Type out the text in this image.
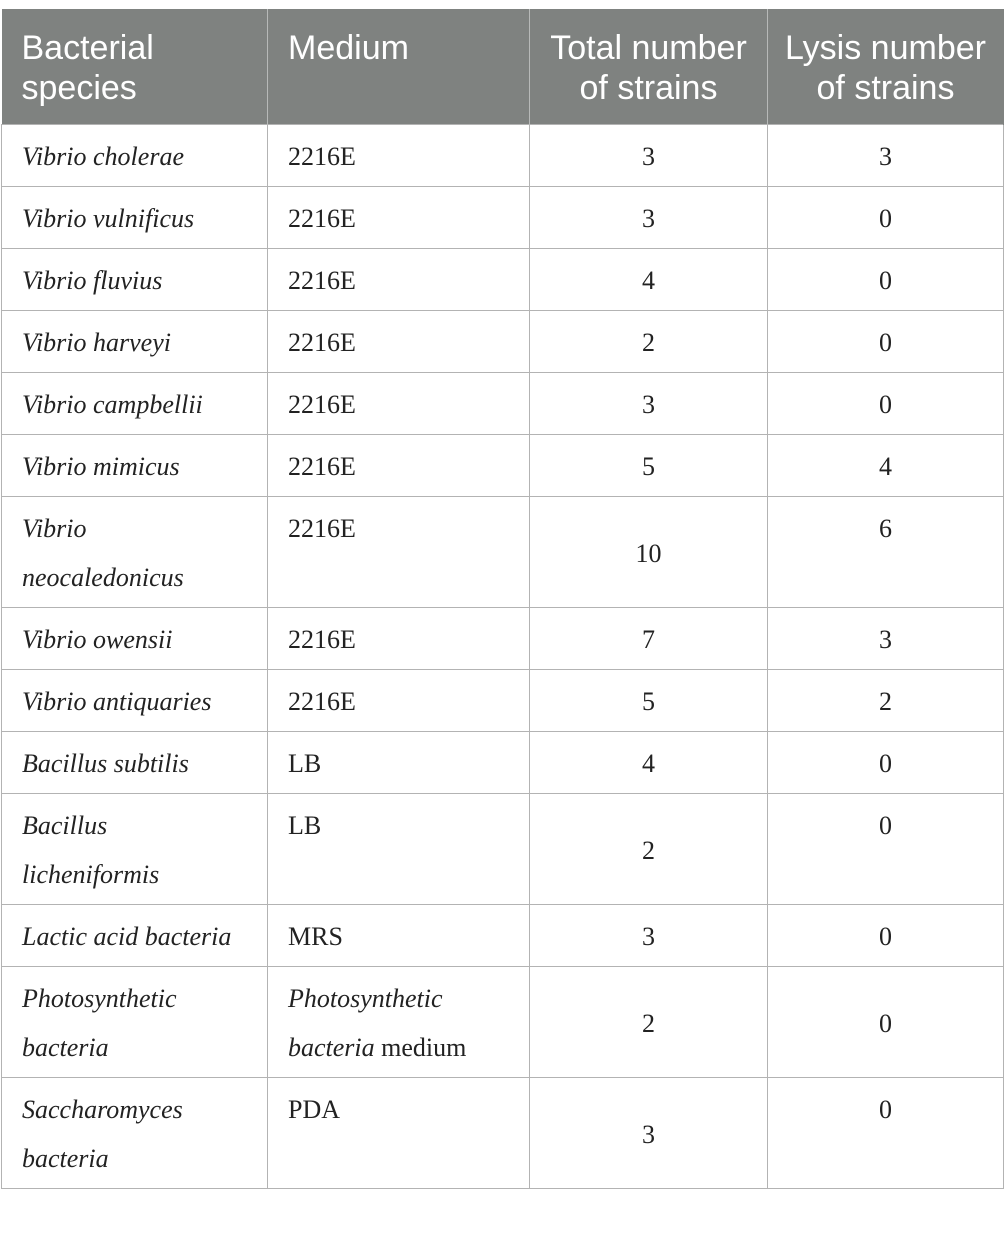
Bacterial species	Medium	Total number of strains	Lysis number of strains
Vibrio cholerae	2216E	3	3
Vibrio vulnificus	2216E	3	0
Vibrio fluvius	2216E	4	0
Vibrio harveyi	2216E	2	0
Vibrio campbellii	2216E	3	0
Vibrio mimicus	2216E	5	4
Vibrio neocaledonicus	2216E	10	6
Vibrio owensii	2216E	7	3
Vibrio antiquaries	2216E	5	2
Bacillus subtilis	LB	4	0
Bacillus licheniformis	LB	2	0
Lactic acid bacteria	MRS	3	0
Photosynthetic bacteria	Photosynthetic bacteria medium	2	0
Saccharomyces bacteria	PDA	3	0
